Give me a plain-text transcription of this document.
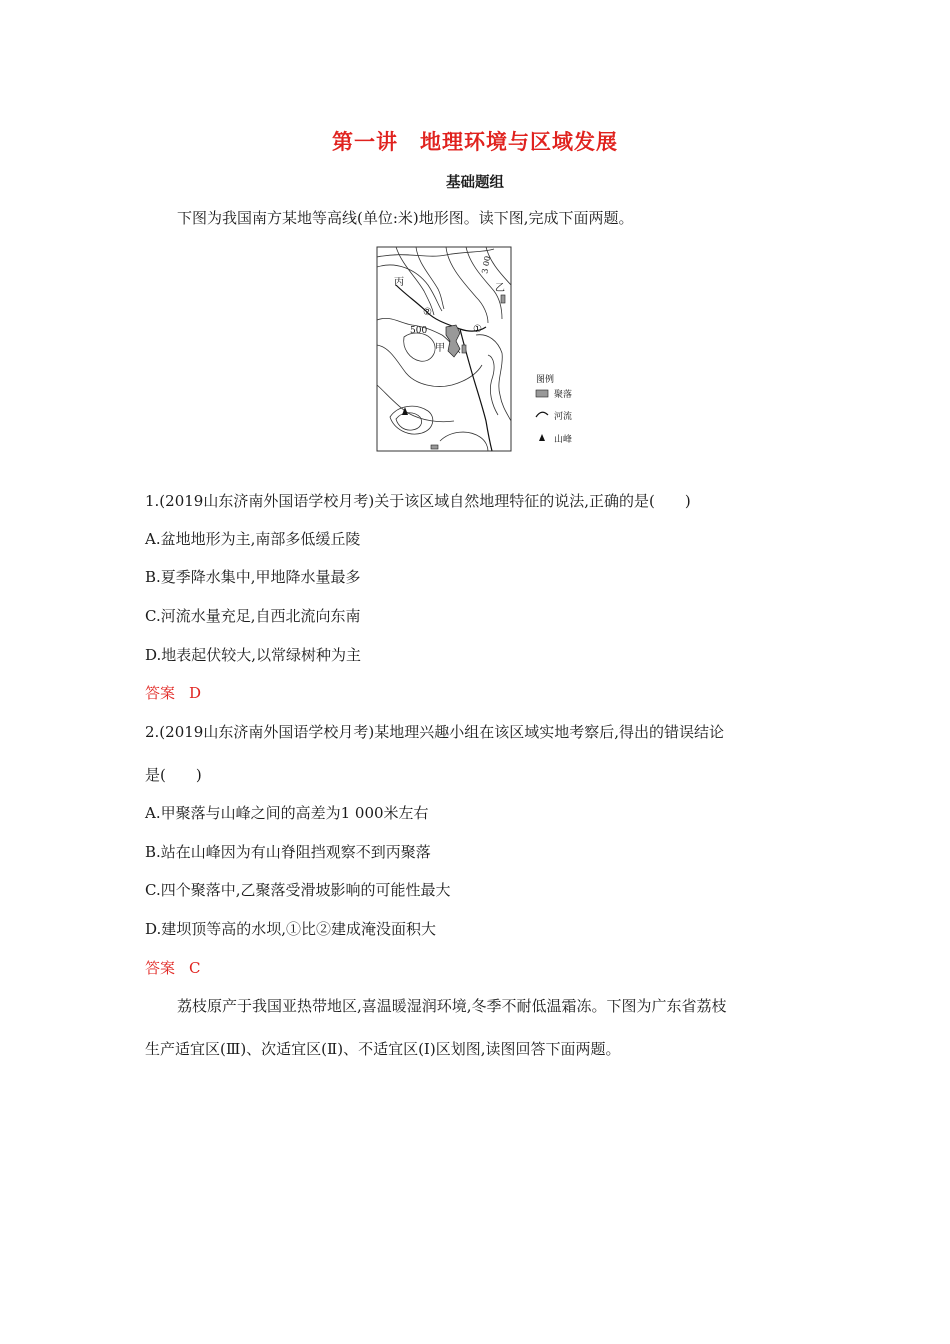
第一讲　地理环境与区域发展
基础题组
下图为我国南方某地等高线(单位:米)地形图。读下图,完成下面两题。
丙
乙
甲
500
3 00
①
②
图例
聚落
河流
山峰
1.(2019山东济南外国语学校月考)关于该区域自然地理特征的说法,正确的是(　　)
A.盆地地形为主,南部多低缓丘陵
B.夏季降水集中,甲地降水量最多
C.河流水量充足,自西北流向东南
D.地表起伏较大,以常绿树种为主
答案 D
2.(2019山东济南外国语学校月考)某地理兴趣小组在该区域实地考察后,得出的错误结论
是(　　)
A.甲聚落与山峰之间的高差为1 000米左右
B.站在山峰因为有山脊阻挡观察不到丙聚落
C.四个聚落中,乙聚落受滑坡影响的可能性最大
D.建坝顶等高的水坝,①比②建成淹没面积大
答案 C
荔枝原产于我国亚热带地区,喜温暖湿润环境,冬季不耐低温霜冻。下图为广东省荔枝
生产适宜区(Ⅲ)、次适宜区(Ⅱ)、不适宜区(Ⅰ)区划图,读图回答下面两题。
